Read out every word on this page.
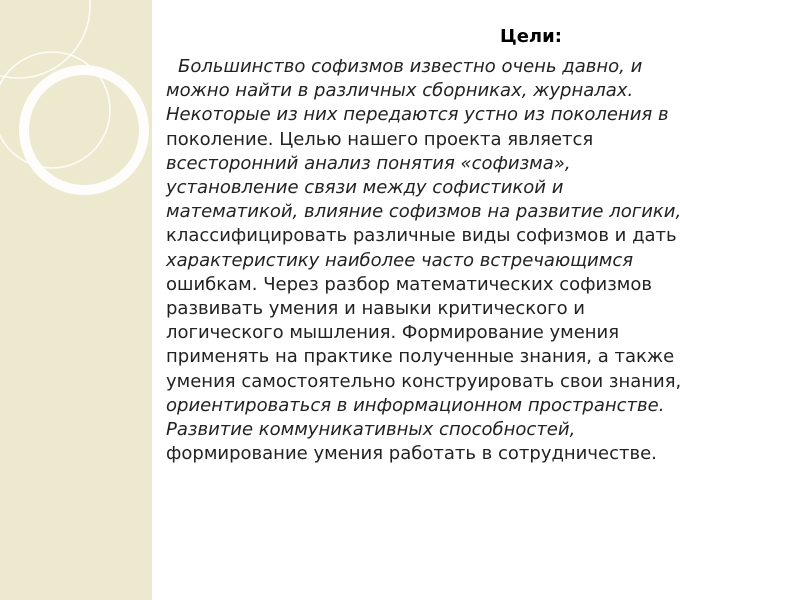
Цели:
Большинство софизмов известно очень давно, и
можно найти в различных сборниках, журналах.
Некоторые из них передаются устно из поколения в
поколение. Целью нашего проекта является
всесторонний анализ понятия «софизма»,
установление связи между софистикой и
математикой, влияние софизмов на развитие логики,
классифицировать различные виды софизмов и дать
характеристику наиболее часто встречающимся
ошибкам. Через разбор математических софизмов
развивать умения и навыки критического и
логического мышления. Формирование умения
применять на практике полученные знания, а также
умения самостоятельно конструировать свои знания,
ориентироваться в информационном пространстве.
Развитие коммуникативных способностей,
формирование умения работать в сотрудничестве.
